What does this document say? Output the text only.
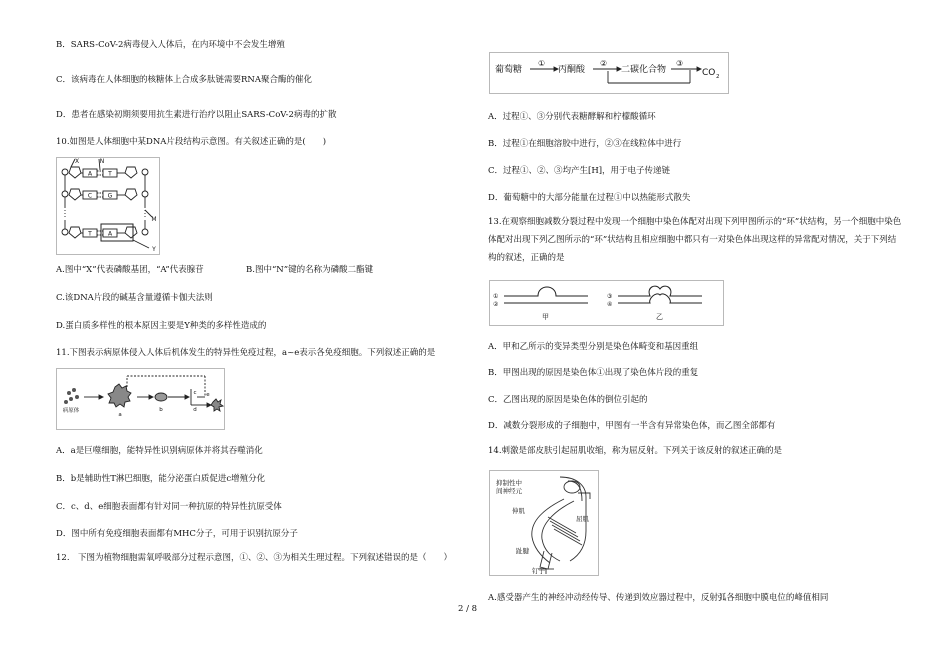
B．SARS-CoV-2病毒侵入人体后，在内环境中不会发生增殖
C．该病毒在人体细胞的核糖体上合成多肽链需要RNA聚合酶的催化
D．患者在感染初期须要用抗生素进行治疗以阻止SARS-CoV-2病毒的扩散
10.如图是人体细胞中某DNA片段结构示意图。有关叙述正确的是(　　)
X	N
A	T
C	G
T	A
M
Y
A.图中“X”代表磷酸基团，“A”代表腺苷	B.图中“N”键的名称为磷酸二酯键
C.该DNA片段的碱基含量遵循卡伽夫法则
D.蛋白质多样性的根本原因主要是Y种类的多样性造成的
11.下图表示病原体侵入人体后机体发生的特异性免疫过程，a~e表示各免疫细胞。下列叙述正确的是
病原体
a
b
c
d
e
A．a是巨噬细胞，能特异性识别病原体并将其吞噬消化
B．b是辅助性T淋巴细胞，能分泌蛋白质促进c增殖分化
C．c、d、e细胞表面都有针对同一种抗原的特异性抗原受体
D．图中所有免疫细胞表面都有MHC分子，可用于识别抗原分子
12.　下图为植物细胞需氧呼吸部分过程示意图，①、②、③为相关生理过程。下列叙述错误的是（　　）
葡萄糖
①
丙酮酸
②
二碳化合物
③
CO 2
A．过程①、③分别代表糖酵解和柠檬酸循环
B．过程①在细胞溶胶中进行，②③在线粒体中进行
C．过程①、②、③均产生[H]，用于电子传递链
D．葡萄糖中的大部分能量在过程①中以热能形式散失
13.在观察细胞减数分裂过程中发现一个细胞中染色体配对出现下列甲图所示的“环”状结构，另一个细胞中染色体配对出现下列乙图所示的“环”状结构且相应细胞中都只有一对染色体出现这样的异常配对情况，关于下列结构的叙述，正确的是
①
②
③
④
甲	乙
A．甲和乙所示的变异类型分别是染色体畸变和基因重组
B．甲图出现的原因是染色体①出现了染色体片段的重复
C．乙图出现的原因是染色体的倒位引起的
D．减数分裂形成的子细胞中，甲图有一半含有异常染色体，而乙图全部都有
14.刺激是部皮肤引起屈肌收缩，称为屈反射。下列关于该反射的叙述正确的是
抑制性中
间神经元
伸肌
屈肌
趾腱
钉子
A.感受器产生的神经冲动经传导、传递到效应器过程中，反射弧各细胞中膜电位的峰值相同
2 / 8
